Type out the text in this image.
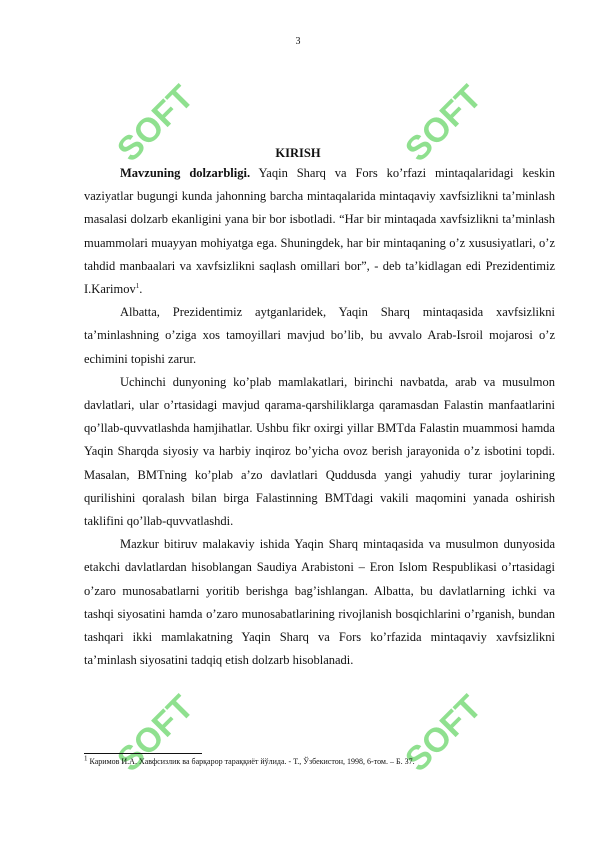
SOFT	SOFT
SOFT	SOFT
3
KIRISH

Mavzuning dolzarbligi. Yaqin Sharq va Fors ko’rfazi mintaqalaridagi keskin vaziyatlar bugungi kunda jahonning barcha mintaqalarida mintaqaviy xavfsizlikni ta’minlash masalasi dolzarb ekanligini yana bir bor isbotladi. “Har bir mintaqada xavfsizlikni ta’minlash muammolari muayyan mohiyatga ega. Shuningdek, har bir mintaqaning o’z xususiyatlari, o’z tahdid manbaalari va xavfsizlikni saqlash omillari bor”, - deb ta’kidlagan edi Prezidentimiz I.Karimov$^1$.

Albatta, Prezidentimiz aytganlaridek, Yaqin Sharq mintaqasida xavfsizlikni ta’minlashning o’ziga xos tamoyillari mavjud bo’lib, bu avvalo Arab-Isroil mojarosi o’z echimini topishi zarur.

Uchinchi dunyoning ko’plab mamlakatlari, birinchi navbatda, arab va musulmon davlatlari, ular o’rtasidagi mavjud qarama-qarshiliklarga qaramasdan Falastin manfaatlarini qo’llab-quvvatlashda hamjihatlar. Ushbu fikr oxirgi yillar BMTda Falastin muammosi hamda Yaqin Sharqda siyosiy va harbiy inqiroz bo’yicha ovoz berish jarayonida o’z isbotini topdi. Masalan, BMTning ko’plab a’zo davlatlari Quddusda yangi yahudiy turar joylarining qurilishini qoralash bilan birga Falastinning BMTdagi vakili maqomini yanada oshirish taklifini qo’llab-quvvatlashdi.

Mazkur bitiruv malakaviy ishida Yaqin Sharq mintaqasida va musulmon dunyosida etakchi davlatlardan hisoblangan Saudiya Arabistoni – Eron Islom Respublikasi o’rtasidagi o’zaro munosabatlarni yoritib berishga bag’ishlangan. Albatta, bu davlatlarning ichki va tashqi siyosatini hamda o’zaro munosabatlarining rivojlanish bosqichlarini o’rganish, bundan tashqari ikki mamlakatning Yaqin Sharq va Fors ko’rfazida mintaqaviy xavfsizlikni ta’minlash siyosatini tadqiq etish dolzarb hisoblanadi.

$^1$ Каримов И.А. Хавфсизлик ва барқарор тараққиёт йўлида. - Т., Ўзбекистон, 1998, 6-том. – Б. 37.
